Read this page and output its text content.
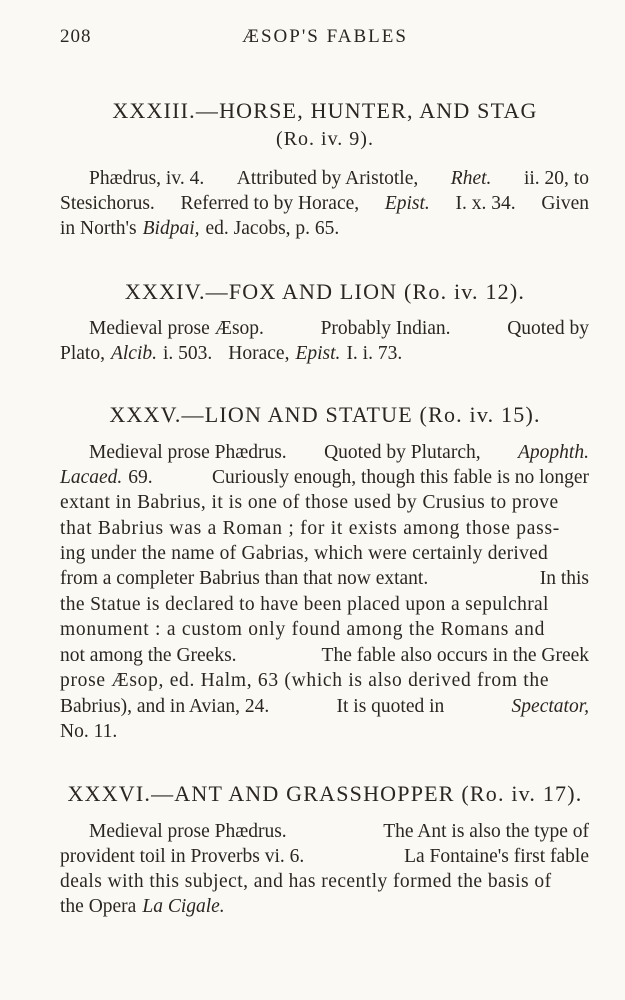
208	ÆSOP'S FABLES
XXXIII.—HORSE, HUNTER, AND STAG
(Ro. iv. 9).
Phædrus, iv. 4. Attributed by Aristotle, Rhet. ii. 20, to
Stesichorus. Referred to by Horace, Epist. I. x. 34. Given
in North's Bidpai, ed. Jacobs, p. 65.
XXXIV.—FOX AND LION (Ro. iv. 12).
Medieval prose Æsop.	Probably Indian.	Quoted by
Plato, Alcib. i. 503. Horace, Epist. I. i. 73.
XXXV.—LION AND STATUE (Ro. iv. 15).
Medieval prose Phædrus. Quoted by Plutarch, Apophth.
Lacaed. 69.	Curiously enough, though this fable is no longer
extant in Babrius, it is one of those used by Crusius to prove
that Babrius was a Roman ; for it exists among those pass-
ing under the name of Gabrias, which were certainly derived
from a completer Babrius than that now extant.	In this
the Statue is declared to have been placed upon a sepulchral
monument : a custom only found among the Romans and
not among the Greeks.	The fable also occurs in the Greek
prose Æsop, ed. Halm, 63 (which is also derived from the
Babrius), and in Avian, 24.	It is quoted in	Spectator,
No. 11.
XXXVI.—ANT AND GRASSHOPPER (Ro. iv. 17).
Medieval prose Phædrus.	The Ant is also the type of
provident toil in Proverbs vi. 6.	La Fontaine's first fable
deals with this subject, and has recently formed the basis of
the Opera La Cigale.
